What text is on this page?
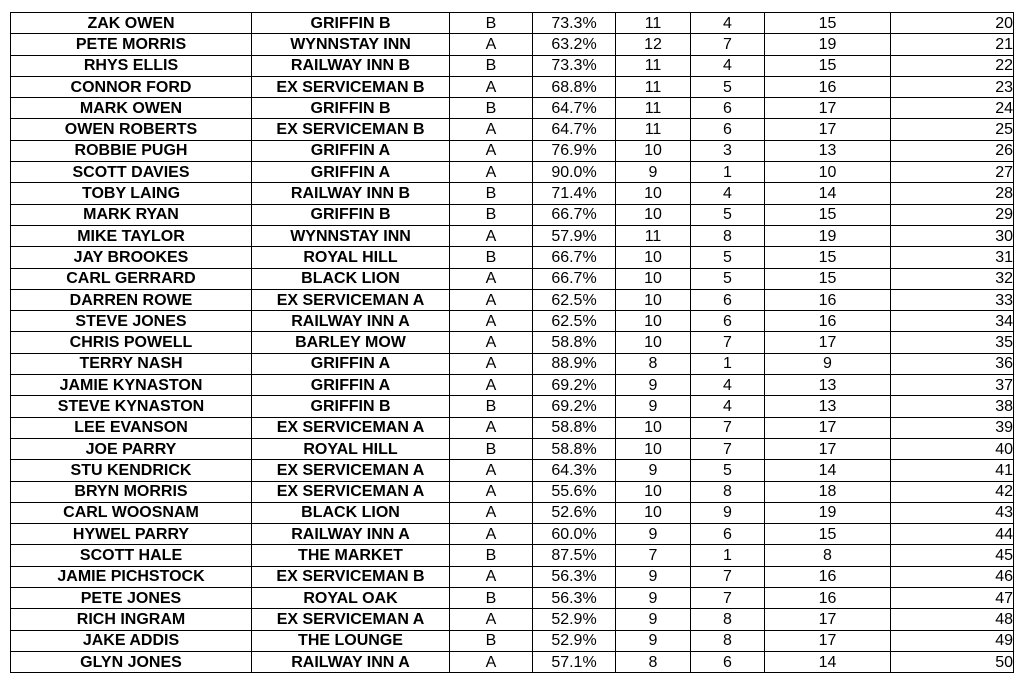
ZAK OWEN	GRIFFIN B	B	73.3%	11	4	15	20
PETE MORRIS	WYNNSTAY INN	A	63.2%	12	7	19	21
RHYS ELLIS	RAILWAY INN B	B	73.3%	11	4	15	22
CONNOR FORD	EX SERVICEMAN B	A	68.8%	11	5	16	23
MARK OWEN	GRIFFIN B	B	64.7%	11	6	17	24
OWEN ROBERTS	EX SERVICEMAN B	A	64.7%	11	6	17	25
ROBBIE PUGH	GRIFFIN A	A	76.9%	10	3	13	26
SCOTT DAVIES	GRIFFIN A	A	90.0%	9	1	10	27
TOBY LAING	RAILWAY INN B	B	71.4%	10	4	14	28
MARK RYAN	GRIFFIN B	B	66.7%	10	5	15	29
MIKE TAYLOR	WYNNSTAY INN	A	57.9%	11	8	19	30
JAY BROOKES	ROYAL HILL	B	66.7%	10	5	15	31
CARL GERRARD	BLACK LION	A	66.7%	10	5	15	32
DARREN ROWE	EX SERVICEMAN A	A	62.5%	10	6	16	33
STEVE JONES	RAILWAY INN A	A	62.5%	10	6	16	34
CHRIS POWELL	BARLEY MOW	A	58.8%	10	7	17	35
TERRY NASH	GRIFFIN A	A	88.9%	8	1	9	36
JAMIE KYNASTON	GRIFFIN A	A	69.2%	9	4	13	37
STEVE KYNASTON	GRIFFIN B	B	69.2%	9	4	13	38
LEE EVANSON	EX SERVICEMAN A	A	58.8%	10	7	17	39
JOE PARRY	ROYAL HILL	B	58.8%	10	7	17	40
STU KENDRICK	EX SERVICEMAN A	A	64.3%	9	5	14	41
BRYN MORRIS	EX SERVICEMAN A	A	55.6%	10	8	18	42
CARL WOOSNAM	BLACK LION	A	52.6%	10	9	19	43
HYWEL PARRY	RAILWAY INN A	A	60.0%	9	6	15	44
SCOTT HALE	THE MARKET	B	87.5%	7	1	8	45
JAMIE PICHSTOCK	EX SERVICEMAN B	A	56.3%	9	7	16	46
PETE JONES	ROYAL OAK	B	56.3%	9	7	16	47
RICH INGRAM	EX SERVICEMAN A	A	52.9%	9	8	17	48
JAKE ADDIS	THE LOUNGE	B	52.9%	9	8	17	49
GLYN JONES	RAILWAY INN A	A	57.1%	8	6	14	50
